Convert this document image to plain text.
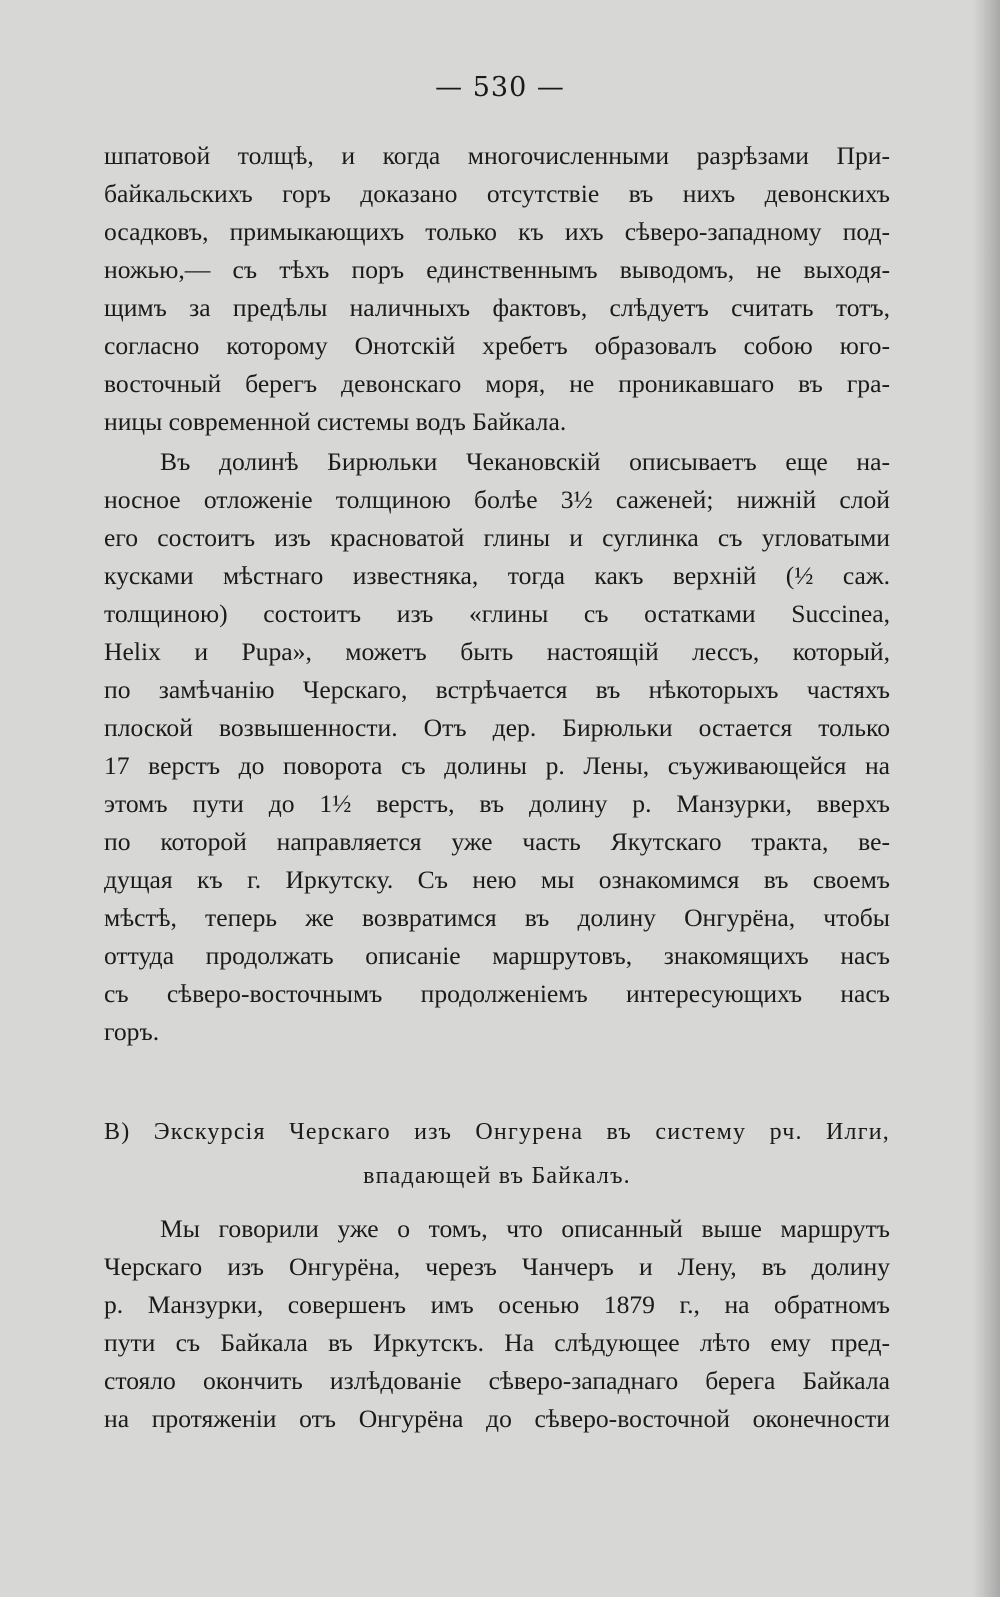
— 530 —
шпатовой толщѣ, и когда многочисленными разрѣзами При-
байкальскихъ горъ доказано отсутствіе въ нихъ девонскихъ
осадковъ, примыкающихъ только къ ихъ сѣверо-западному под-
ножью,— съ тѣхъ поръ единственнымъ выводомъ, не выходя-
щимъ за предѣлы наличныхъ фактовъ, слѣдуетъ считать тотъ,
согласно которому Онотскій хребетъ образовалъ собою юго-
восточный берегъ девонскаго моря, не проникавшаго въ гра-
ницы современной системы водъ Байкала.
Въ долинѣ Бирюльки Чекановскій описываетъ еще на-
носное отложеніе толщиною болѣе 3½ саженей; нижній слой
его состоитъ изъ красноватой глины и суглинка съ угловатыми
кусками мѣстнаго известняка, тогда какъ верхній (½ саж.
толщиною) состоитъ изъ «глины съ остатками Succinea,
Helix и Pupa», можетъ быть настоящій лессъ, который,
по замѣчанію Черскаго, встрѣчается въ нѣкоторыхъ частяхъ
плоской возвышенности. Отъ дер. Бирюльки остается только
17 верстъ до поворота съ долины р. Лены, съуживающейся на
этомъ пути до 1½ верстъ, въ долину р. Манзурки, вверхъ
по которой направляется уже часть Якутскаго тракта, ве-
дущая къ г. Иркутску. Съ нею мы ознакомимся въ своемъ
мѣстѣ, теперь же возвратимся въ долину Онгурёна, чтобы
оттуда продолжать описаніе маршрутовъ, знакомящихъ насъ
съ сѣверо-восточнымъ продолженіемъ интересующихъ насъ
горъ.
В) Экскурсія Черскаго изъ Онгурена въ систему рч. Илги,
впадающей въ Байкалъ.
Мы говорили уже о томъ, что описанный выше маршрутъ
Черскаго изъ Онгурёна, черезъ Чанчеръ и Лену, въ долину
р. Манзурки, совершенъ имъ осенью 1879 г., на обратномъ
пути съ Байкала въ Иркутскъ. На слѣдующее лѣто ему пред-
стояло окончить излѣдованіе сѣверо-западнаго берега Байкала
на протяженіи отъ Онгурёна до сѣверо-восточной оконечности
